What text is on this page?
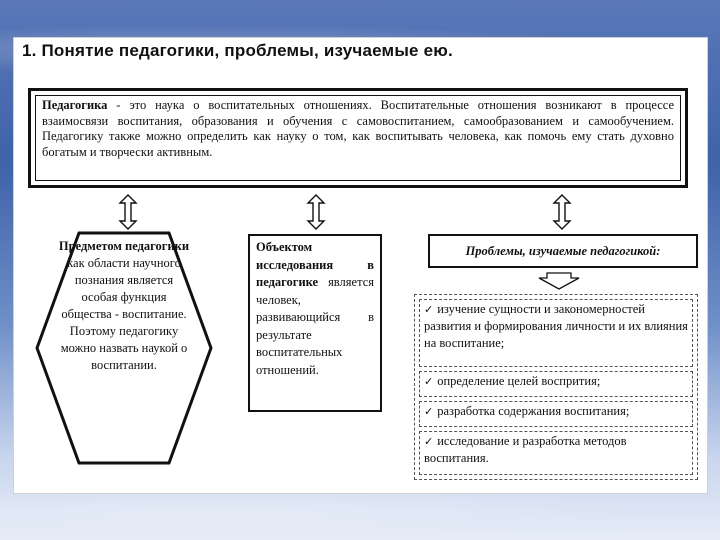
1. Понятие педагогики, проблемы, изучаемые ею.
Педагогика - это наука о воспитательных отношениях. Воспитательные отношения возникают в процессе взаимосвязи воспитания, образования и обучения с самовоспитанием, самообразованием и самообучением. Педагогику также можно определить как науку о том, как воспитывать человека, как помочь ему стать духовно богатым и творчески активным.
Предметом педагогики как области научного познания является особая функция общества - воспитание. Поэтому педагогику можно назвать наукой о воспитании.
Объектом исследования в педагогике является человек, развивающийся в результате воспитательных отношений.
Проблемы, изучаемые педагогикой:
✓ изучение сущности и закономерностей развития и формирования личности и их влияния на воспитание;
✓ определение целей воспрития;
✓ разработка содержания воспитания;
✓ исследование и разработка методов воспитания.
